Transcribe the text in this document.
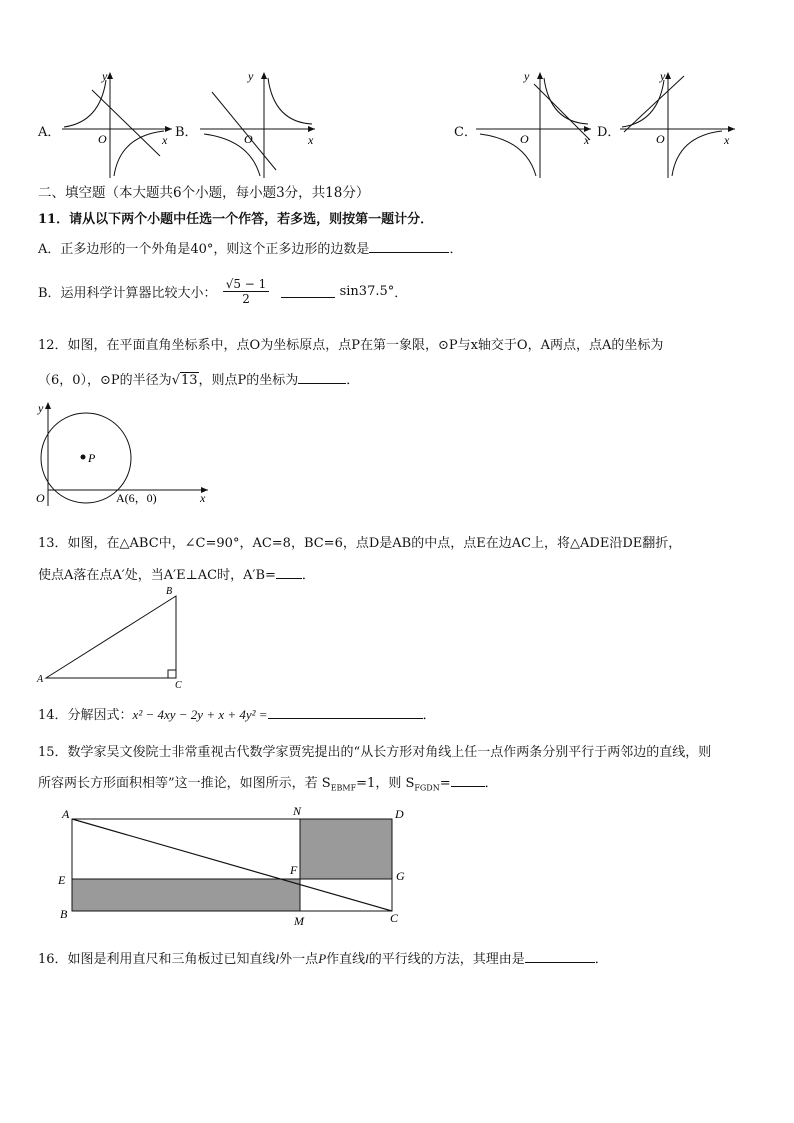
A．
y
x
O	B．
y
x
O	C．
y
x
O	D．
y
x
O
二、填空题（本大题共6个小题，每小题3分，共18分）
11．请从以下两个小题中任选一个作答，若多选，则按第一题计分．
A．正多边形的一个外角是40°，则这个正多边形的边数是	．
B．运用科学计算器比较大小： $\frac{√5 - 1}{2}$	sin37.5°．
12．如图，在平面直角坐标系中，点O为坐标原点，点P在第一象限，⊙P与x轴交于O，A两点，点A的坐标为
（6，0），⊙P的半径为√13，则点P的坐标为	．
y
x
O
P
A(6，0)
13．如图，在△ABC中，∠C=90°，AC=8，BC=6，点D是AB的中点，点E在边AC上，将△ADE沿DE翻折，
使点A落在点A′处，当A′E⊥AC时，A′B= ．
B
A
C
14．分解因式：x² − 4xy − 2y + x + 4y² =	．
15．数学家吴文俊院士非常重视古代数学家贾宪提出的“从长方形对角线上任一点作两条分别平行于两邻边的直线，则
所容两长方形面积相等”这一推论，如图所示，若 $S_{EBMF}=1$，则 $S_{FGDN}=$	．
A	N	D
E
F	G
B	M	C
16．如图是利用直尺和三角板过已知直线l外一点P作直线l的平行线的方法，其理由是	．
